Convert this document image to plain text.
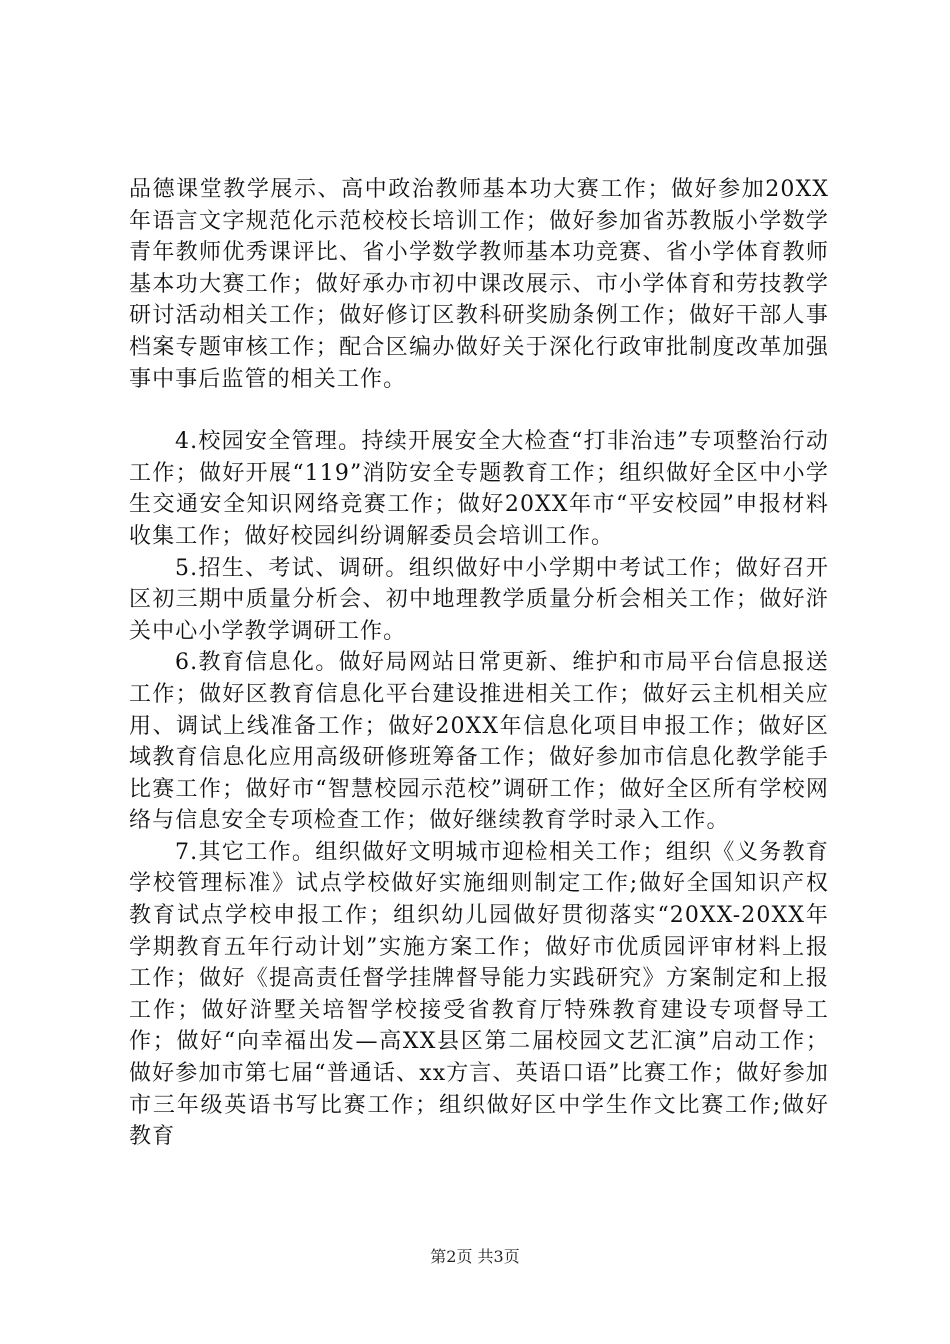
品德课堂教学展示、高中政治教师基本功大赛工作；做好参加20XX年语言文字规范化示范校校长培训工作；做好参加省苏教版小学数学青年教师优秀课评比、省小学数学教师基本功竞赛、省小学体育教师基本功大赛工作；做好承办市初中课改展示、市小学体育和劳技教学研讨活动相关工作；做好修订区教科研奖励条例工作；做好干部人事档案专题审核工作；配合区编办做好关于深化行政审批制度改革加强事中事后监管的相关工作。

4.校园安全管理。持续开展安全大检查“打非治违”专项整治行动工作；做好开展“119”消防安全专题教育工作；组织做好全区中小学生交通安全知识网络竞赛工作；做好20XX年市“平安校园”申报材料收集工作；做好校园纠纷调解委员会培训工作。

5.招生、考试、调研。组织做好中小学期中考试工作；做好召开区初三期中质量分析会、初中地理教学质量分析会相关工作；做好浒关中心小学教学调研工作。

6.教育信息化。做好局网站日常更新、维护和市局平台信息报送工作；做好区教育信息化平台建设推进相关工作；做好云主机相关应用、调试上线准备工作；做好20XX年信息化项目申报工作；做好区域教育信息化应用高级研修班筹备工作；做好参加市信息化教学能手比赛工作；做好市“智慧校园示范校”调研工作；做好全区所有学校网络与信息安全专项检查工作；做好继续教育学时录入工作。

7.其它工作。组织做好文明城市迎检相关工作；组织《义务教育学校管理标准》试点学校做好实施细则制定工作;做好全国知识产权教育试点学校申报工作；组织幼儿园做好贯彻落实“20XX-20XX年学期教育五年行动计划”实施方案工作；做好市优质园评审材料上报工作；做好《提高责任督学挂牌督导能力实践研究》方案制定和上报工作；做好浒墅关培智学校接受省教育厅特殊教育建设专项督导工作；做好“向幸福出发—高XX县区第二届校园文艺汇演”启动工作；做好参加市第七届“普通话、xx方言、英语口语”比赛工作；做好参加市三年级英语书写比赛工作；组织做好区中学生作文比赛工作;做好教育

第2页 共3页
